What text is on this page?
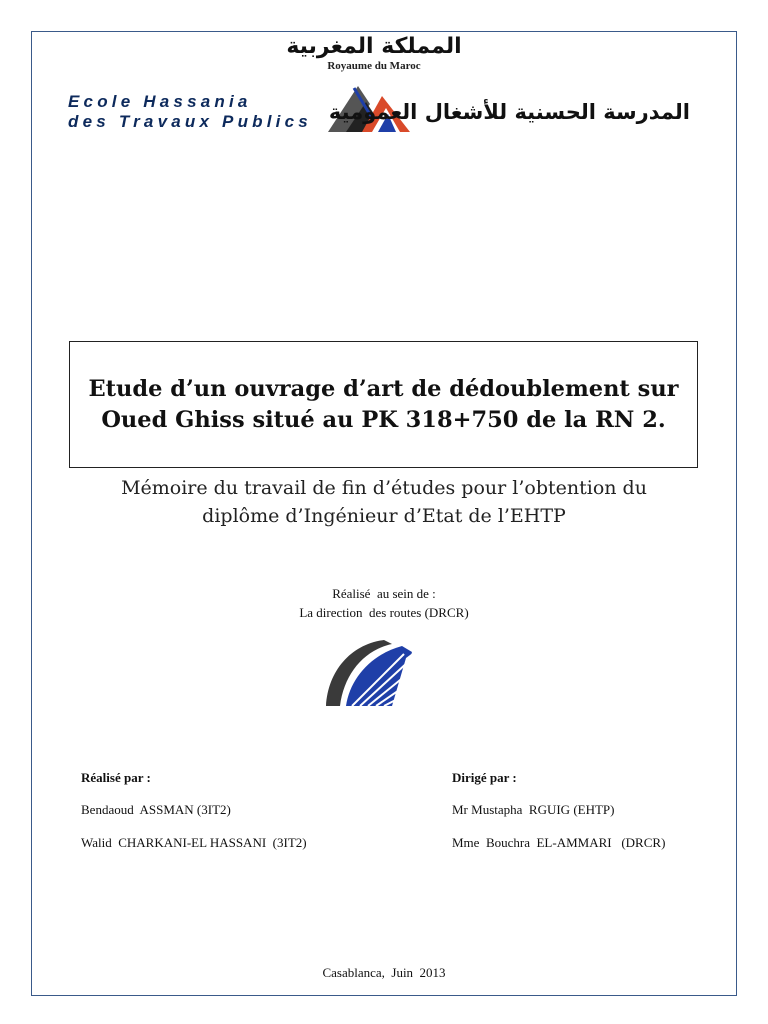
المملكة المغربية
Royaume du Maroc
Ecole Hassania
des Travaux Publics المدرسة الحسنية للأشغال العمومية
Etude d’un ouvrage d’art de dédoublement sur
Oued Ghiss situé au PK 318+750 de la RN 2.
Mémoire du travail de fin d’études pour l’obtention du
diplôme d’Ingénieur d’Etat de l’EHTP
Réalisé  au sein de :
La direction  des routes (DRCR)
Réalisé par :
Bendaoud  ASSMAN (3IT2)
Walid  CHARKANI-EL HASSANI  (3IT2)
Dirigé par :
Mr Mustapha  RGUIG (EHTP)
Mme  Bouchra  EL-AMMARI   (DRCR)
Casablanca,  Juin  2013
